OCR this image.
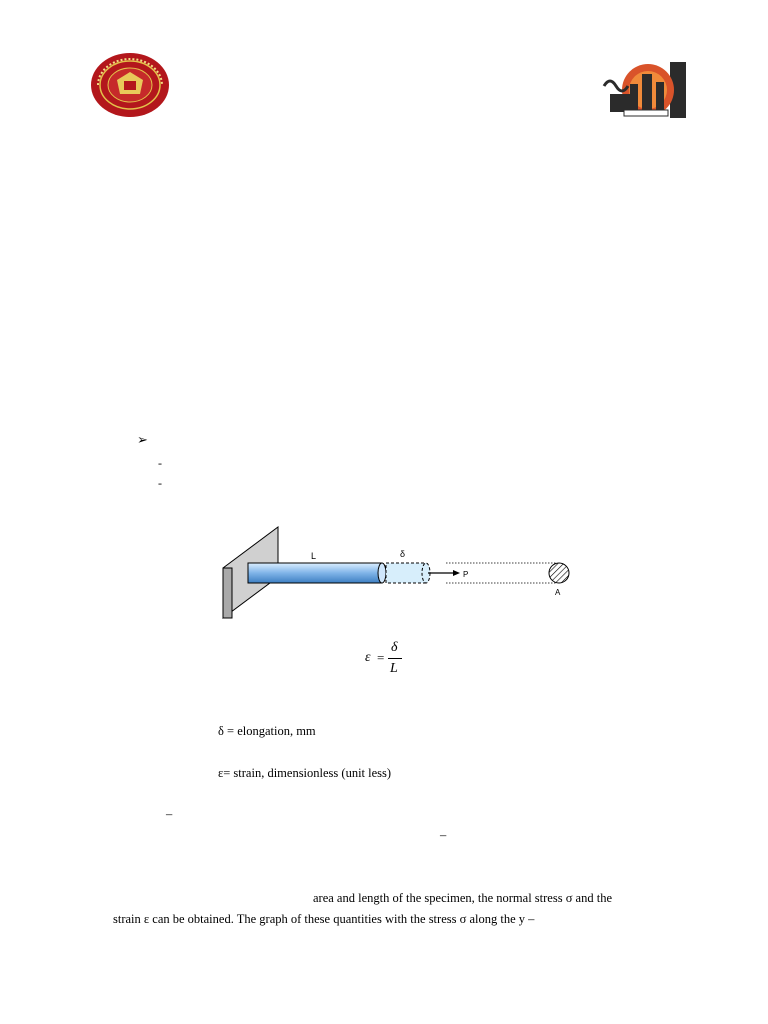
➢
-
-
L	δ
P
A
ε =
δ
L
δ = elongation, mm
ε= strain, dimensionless (unit less)
–
–
area and length of the specimen, the normal stress σ and the
strain ε can be obtained. The graph of these quantities with the stress σ along the y –
